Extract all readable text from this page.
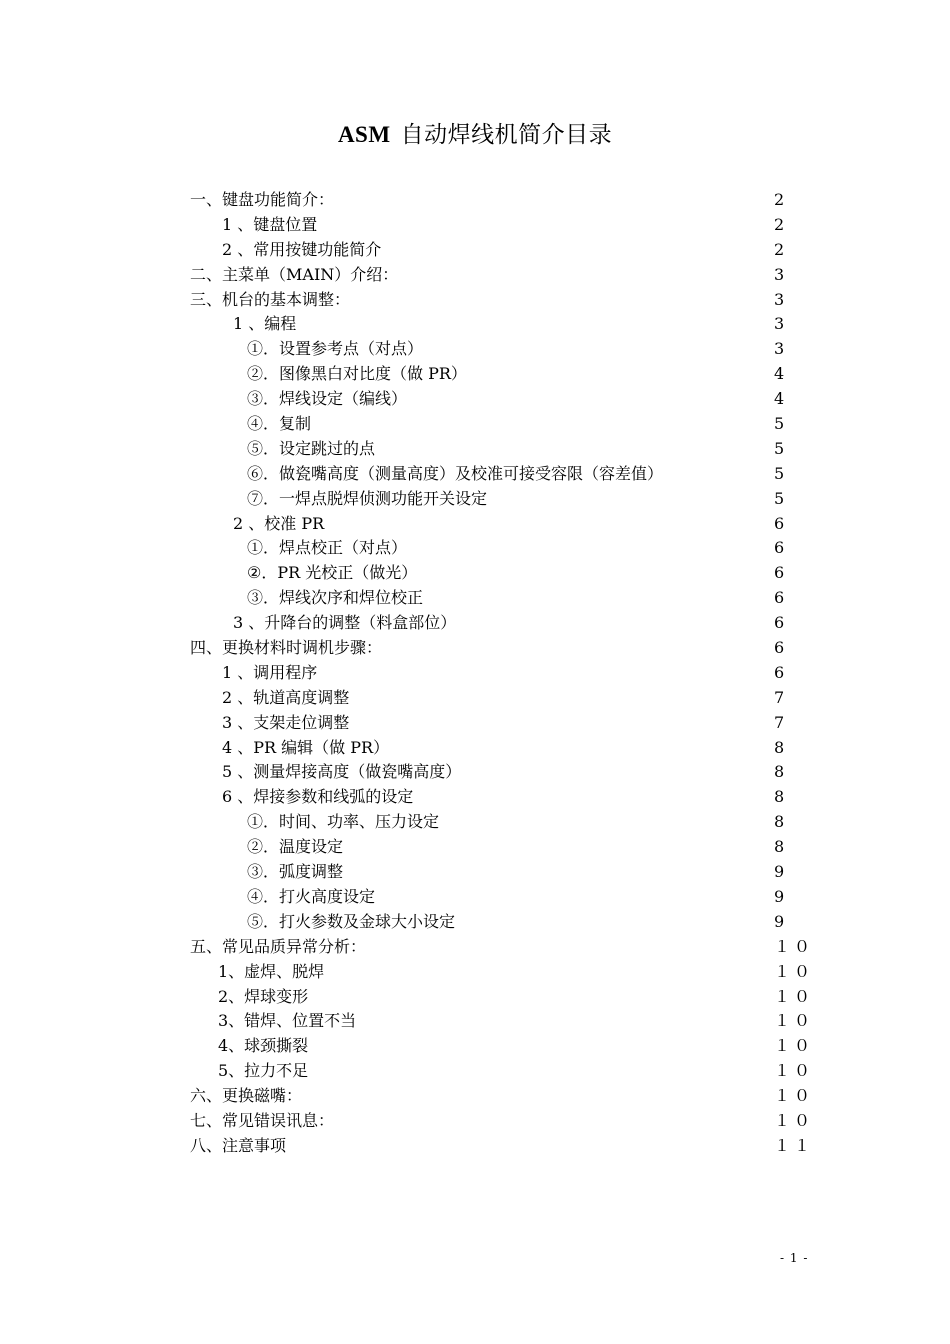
ASM 自动焊线机简介目录
一、键盘功能简介：	2
1 、键盘位置	2
2 、常用按键功能简介	2
二、主菜单（MAIN）介绍：	3
三、机台的基本调整：	3
1 、编程	3
①．设置参考点（对点）	3
②．图像黑白对比度（做 PR）	4
③．焊线设定（编线）	4
④．复制	5
⑤．设定跳过的点	5
⑥．做瓷嘴高度（测量高度）及校准可接受容限（容差值）	5
⑦．一焊点脱焊侦测功能开关设定	5
2 、校准 PR	6
①．焊点校正（对点）	6
②．PR 光校正（做光）	6
③．焊线次序和焊位校正	6
3 、升降台的调整（料盒部位）	6
四、更换材料时调机步骤：	6
1 、调用程序	6
2 、轨道高度调整	7
3 、支架走位调整	7
4 、PR 编辑（做 PR）	8
5 、测量焊接高度（做瓷嘴高度）	8
6 、焊接参数和线弧的设定	8
①．时间、功率、压力设定	8
②．温度设定	8
③．弧度调整	9
④．打火高度设定	9
⑤．打火参数及金球大小设定	9
五、常见品质异常分析：	１０
1、虚焊、脱焊	１０
2、焊球变形	１０
3、错焊、位置不当	１０
4、球颈撕裂	１０
5、拉力不足	１０
六、更换磁嘴：	１０
七、常见错误讯息：	１０
八、注意事项	１１
- 1 -
